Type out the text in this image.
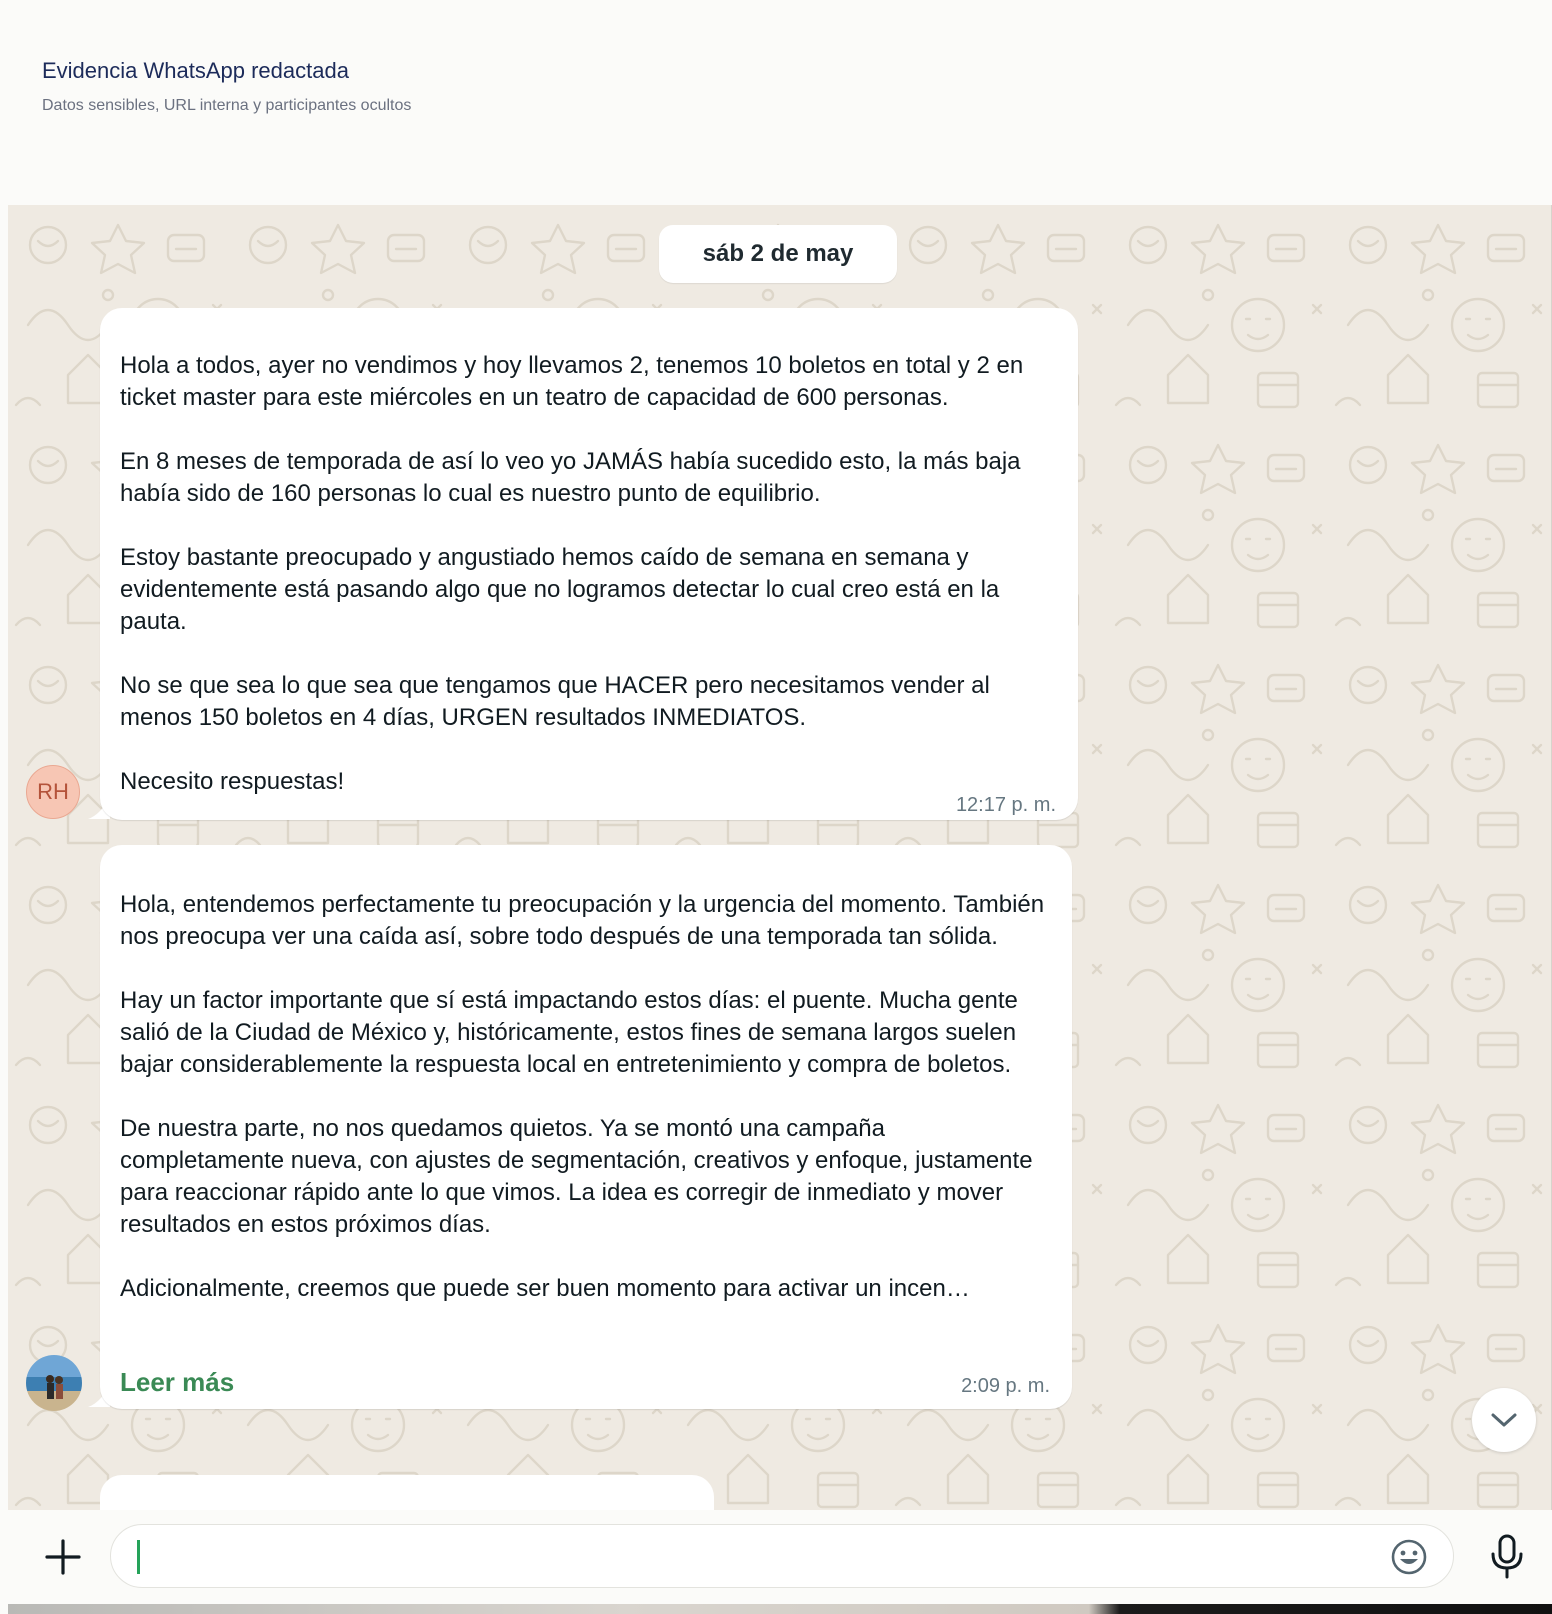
Evidencia WhatsApp redactada
Datos sensibles, URL interna y participantes ocultos
sáb 2 de may
RH
Hola a todos, ayer no vendimos y hoy llevamos 2, tenemos 10 boletos en total y 2 en ticket master para este miércoles en un teatro de capacidad de 600 personas.

En 8 meses de temporada de así lo veo yo JAMÁS había sucedido esto, la más baja había sido de 160 personas lo cual es nuestro punto de equilibrio.

Estoy bastante preocupado y angustiado hemos caído de semana en semana y evidentemente está pasando algo que no logramos detectar lo cual creo está en la pauta.

No se que sea lo que sea que tengamos que HACER pero necesitamos vender al menos 150 boletos en 4 días, URGEN resultados INMEDIATOS.

Necesito respuestas!
12:17 p. m.
Hola, entendemos perfectamente tu preocupación y la urgencia del momento. También nos preocupa ver una caída así, sobre todo después de una temporada tan sólida.

Hay un factor importante que sí está impactando estos días: el puente. Mucha gente salió de la Ciudad de México y, históricamente, estos fines de semana largos suelen bajar considerablemente la respuesta local en entretenimiento y compra de boletos.

De nuestra parte, no nos quedamos quietos. Ya se montó una campaña completamente nueva, con ajustes de segmentación, creativos y enfoque, justamente para reaccionar rápido ante lo que vimos. La idea es corregir de inmediato y mover resultados en estos próximos días.

Adicionalmente, creemos que puede ser buen momento para activar un incen…
Leer más	2:09 p. m.
